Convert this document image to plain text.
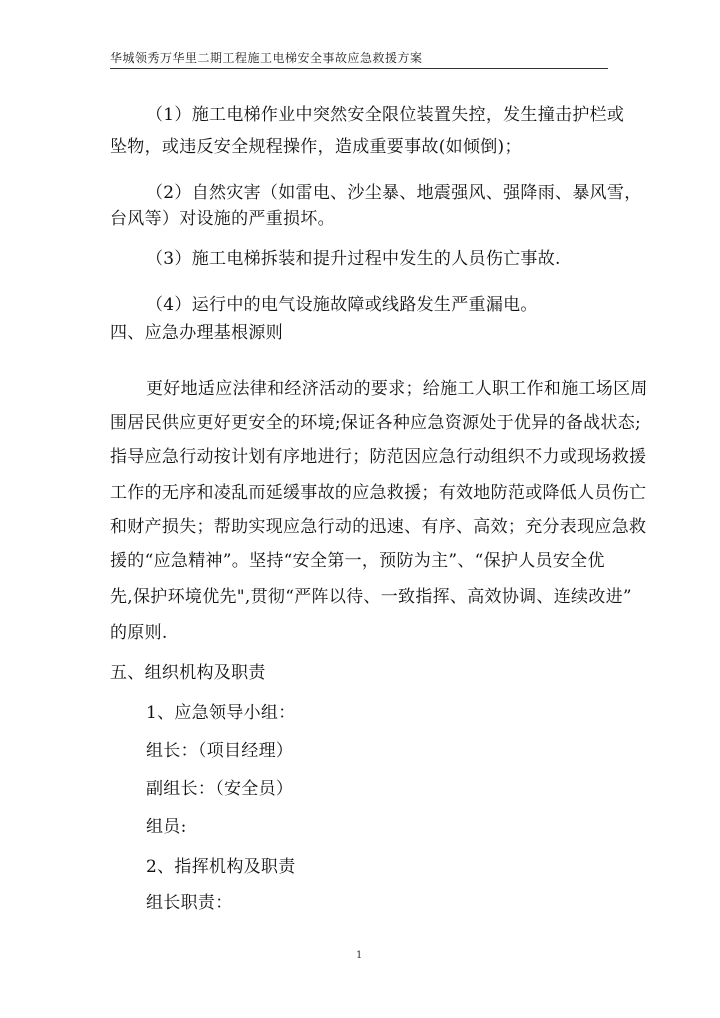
华城领秀万华里二期工程施工电梯安全事故应急救援方案
（1）施工电梯作业中突然安全限位装置失控，发生撞击护栏或
坠物，或违反安全规程操作，造成重要事故(如倾倒)；
（2）自然灾害（如雷电、沙尘暴、地震强风、强降雨、暴风雪，
台风等）对设施的严重损坏。
（3）施工电梯拆装和提升过程中发生的人员伤亡事故.
（4）运行中的电气设施故障或线路发生严重漏电。
四、应急办理基根源则
更好地适应法律和经济活动的要求；给施工人职工作和施工场区周
围居民供应更好更安全的环境;保证各种应急资源处于优异的备战状态;
指导应急行动按计划有序地进行；防范因应急行动组织不力或现场救援
工作的无序和凌乱而延缓事故的应急救援；有效地防范或降低人员伤亡
和财产损失；帮助实现应急行动的迅速、有序、高效；充分表现应急救
援的“应急精神”。坚持“安全第一，预防为主”、“保护人员安全优
先,保护环境优先",贯彻“严阵以待、一致指挥、高效协调、连续改进”
的原则.
五、组织机构及职责
1、应急领导小组：
组长：（项目经理）
副组长：（安全员）
组员:
2、指挥机构及职责
组长职责：
1
